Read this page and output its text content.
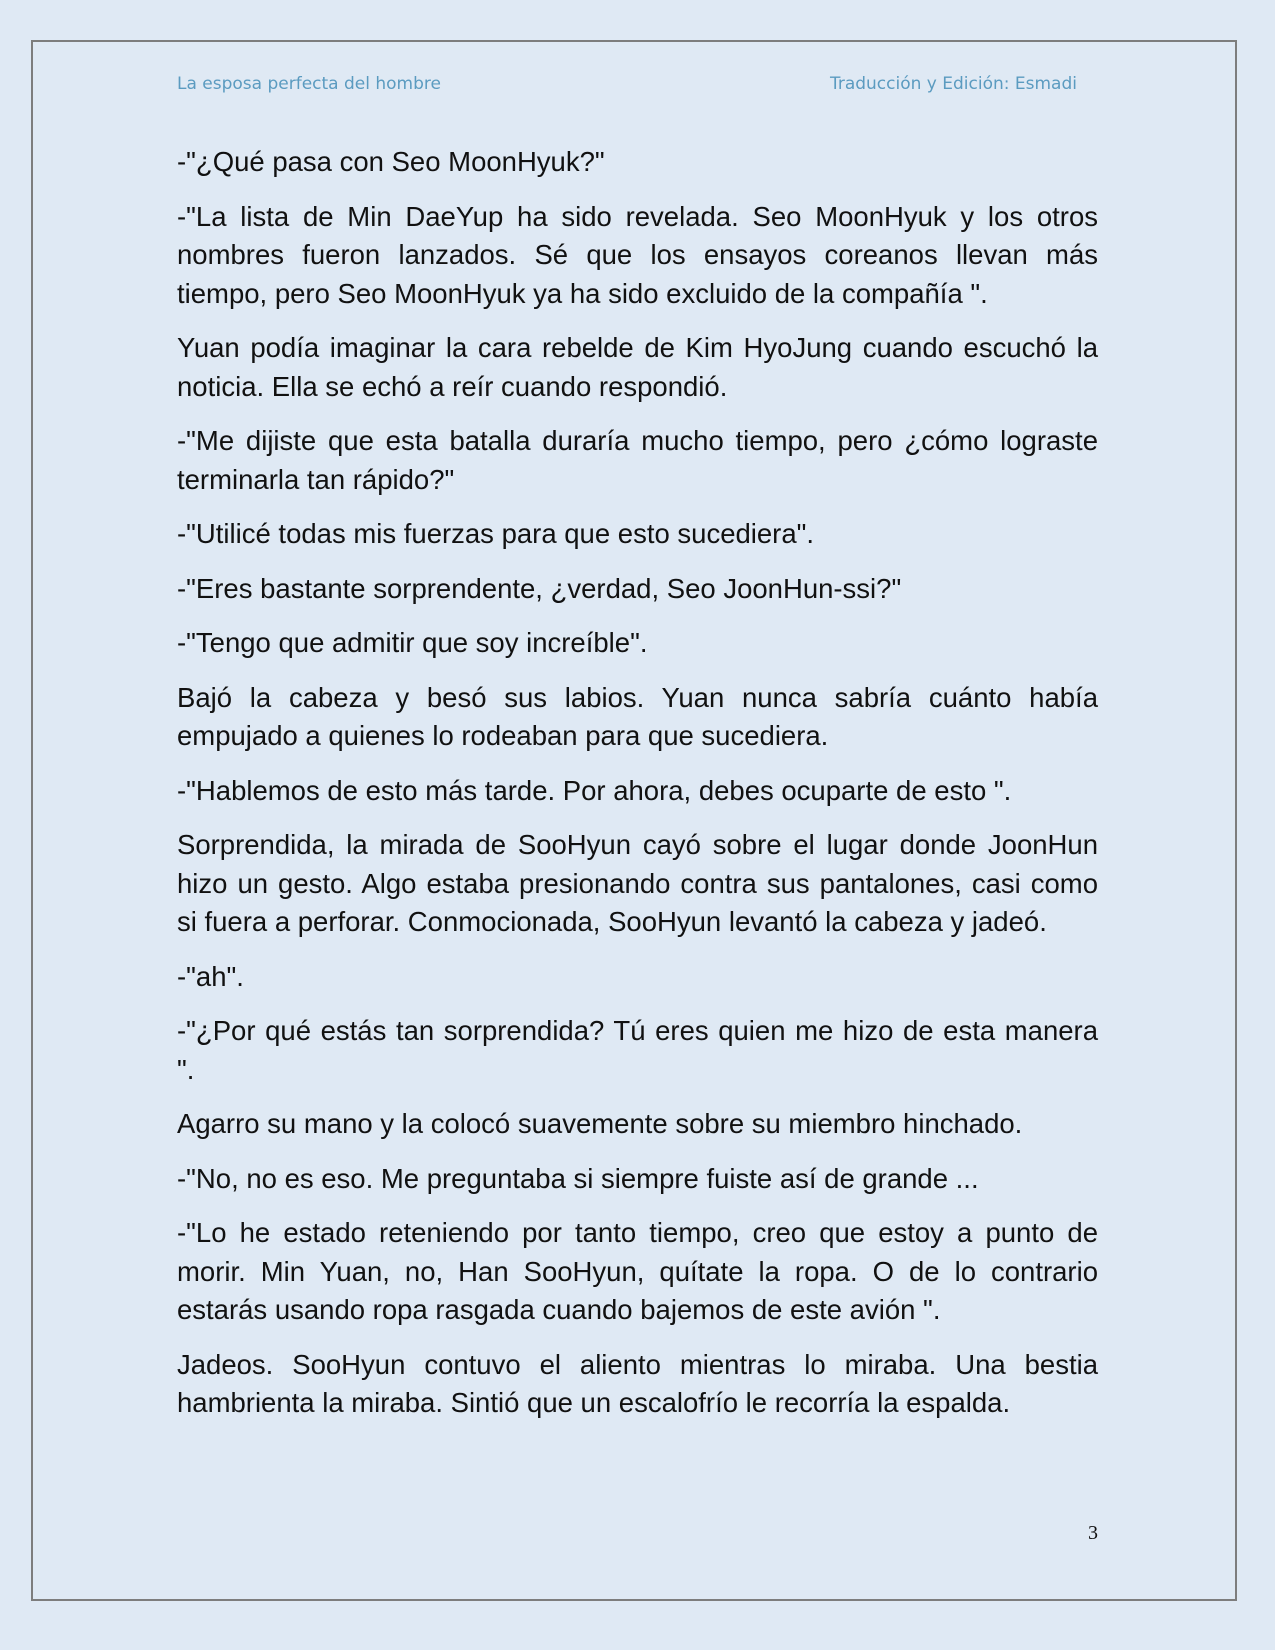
La esposa perfecta del hombre	Traducción y Edición: Esmadi

-"¿Qué pasa con Seo MoonHyuk?"

-"La lista de Min DaeYup ha sido revelada. Seo MoonHyuk y los otros nombres fueron lanzados. Sé que los ensayos coreanos llevan más tiempo, pero Seo MoonHyuk ya ha sido excluido de la compañía ".

Yuan podía imaginar la cara rebelde de Kim HyoJung cuando escuchó la noticia. Ella se echó a reír cuando respondió.

-"Me dijiste que esta batalla duraría mucho tiempo, pero ¿cómo lograste terminarla tan rápido?"

-"Utilicé todas mis fuerzas para que esto sucediera".

-"Eres bastante sorprendente, ¿verdad, Seo JoonHun-ssi?"

-"Tengo que admitir que soy increíble".

Bajó la cabeza y besó sus labios. Yuan nunca sabría cuánto había empujado a quienes lo rodeaban para que sucediera.

-"Hablemos de esto más tarde. Por ahora, debes ocuparte de esto ".

Sorprendida, la mirada de SooHyun cayó sobre el lugar donde JoonHun hizo un gesto. Algo estaba presionando contra sus pantalones, casi como si fuera a perforar. Conmocionada, SooHyun levantó la cabeza y jadeó.

-"ah".

-"¿Por qué estás tan sorprendida? Tú eres quien me hizo de esta manera ".

Agarro su mano y la colocó suavemente sobre su miembro hinchado.

-"No, no es eso. Me preguntaba si siempre fuiste así de grande ...

-"Lo he estado reteniendo por tanto tiempo, creo que estoy a punto de morir. Min Yuan, no, Han SooHyun, quítate la ropa. O de lo contrario estarás usando ropa rasgada cuando bajemos de este avión ".

Jadeos. SooHyun contuvo el aliento mientras lo miraba. Una bestia hambrienta la miraba. Sintió que un escalofrío le recorría la espalda.

3
